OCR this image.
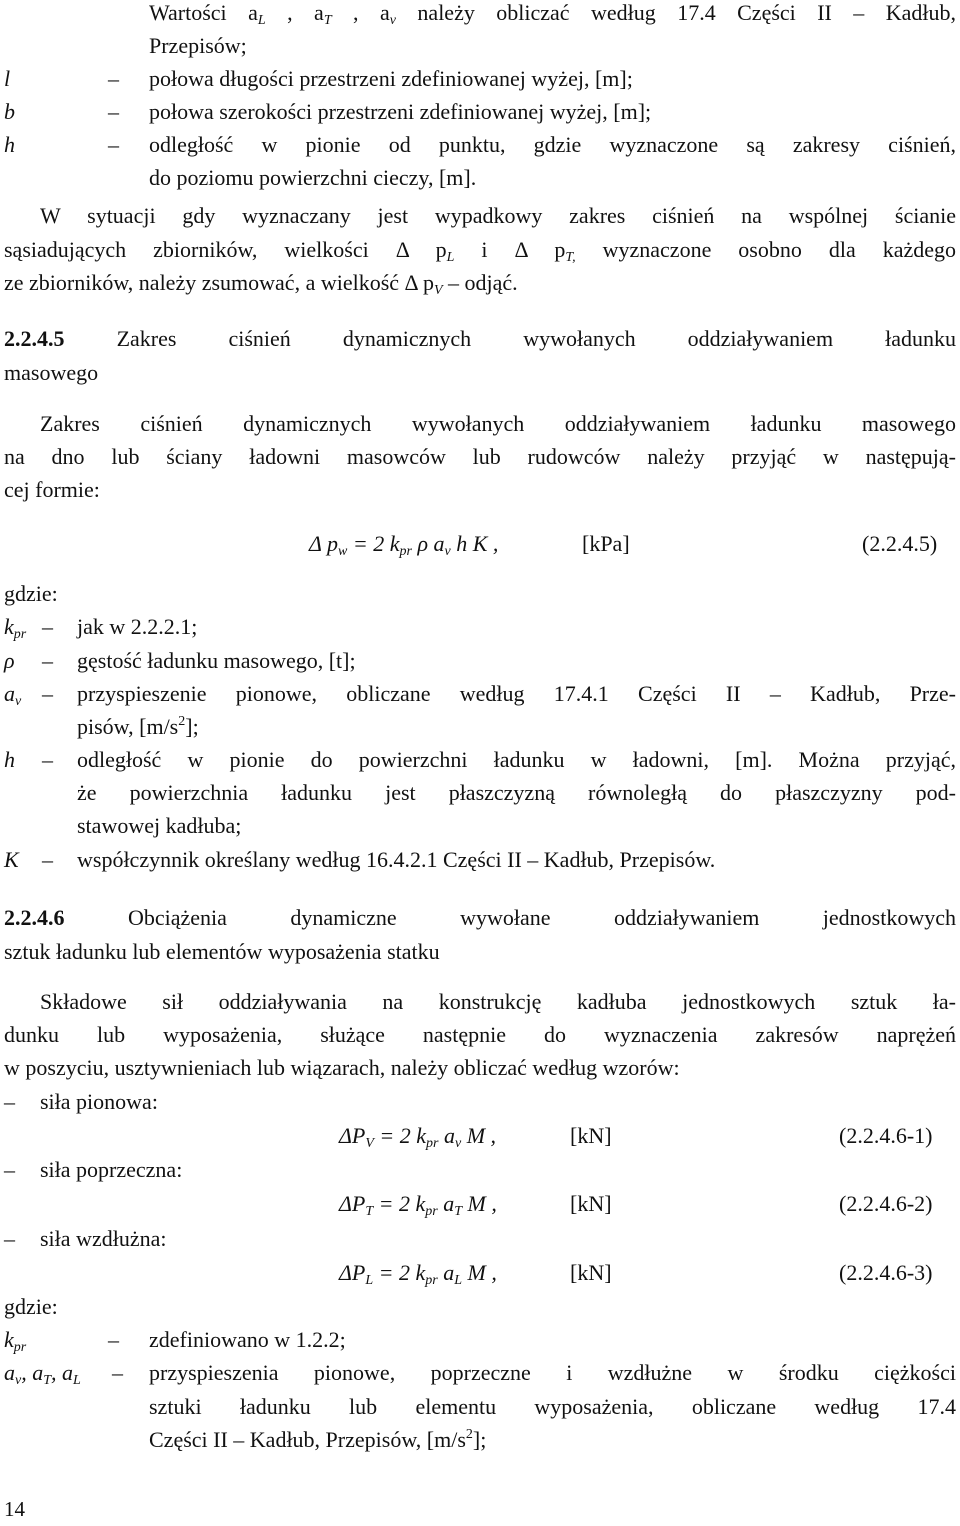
Wartości $a_L$ , $a_T$ , $a_v$ należy obliczać według 17.4 Części II – Kadłub,
Przepisów;
l	– połowa długości przestrzeni zdefiniowanej wyżej, [m];
b	– połowa szerokości przestrzeni zdefiniowanej wyżej, [m];
h	– odległość w pionie od punktu, gdzie wyznaczone są zakresy ciśnień,
do poziomu powierzchni cieczy, [m].
W sytuacji gdy wyznaczany jest wypadkowy zakres ciśnień na wspólnej ścianie
sąsiadujących zbiorników, wielkości Δ $p_L$ i Δ $p_{T,}$ wyznaczone osobno dla każdego
ze zbiorników, należy zsumować, a wielkość Δ $p_V$ – odjąć.
2.2.4.5 Zakres ciśnień dynamicznych wywołanych oddziaływaniem ładunku
masowego
Zakres ciśnień dynamicznych wywołanych oddziaływaniem ładunku masowego
na dno lub ściany ładowni masowców lub rudowców należy przyjąć w następują-
cej formie:
Δ $p_w = 2$ $k_{pr}$ ρ $a_v$ h K ,	[kPa]	(2.2.4.5)
gdzie:
$k_{pr}$ – jak w 2.2.2.1;
ρ – gęstość ładunku masowego, [t];
$a_v$ – przyspieszenie pionowe, obliczane według 17.4.1 Części II – Kadłub, Prze-
pisów, $[m/s^2]$;
h – odległość w pionie do powierzchni ładunku w ładowni, [m]. Można przyjąć,
że powierzchnia ładunku jest płaszczyzną równoległą do płaszczyzny pod-
stawowej kadłuba;
K – współczynnik określany według 16.4.2.1 Części II – Kadłub, Przepisów.
2.2.4.6	Obciążenia dynamiczne wywołane oddziaływaniem jednostkowych
sztuk ładunku lub elementów wyposażenia statku
Składowe sił oddziaływania na konstrukcję kadłuba jednostkowych sztuk ła-
dunku lub wyposażenia, służące następnie do wyznaczenia zakresów naprężeń
w poszyciu, usztywnieniach lub wiązarach, należy obliczać według wzorów:
– siła pionowa:
$\Delta P_V = 2$ $k_{pr}$ $a_v$ M ,	[kN]	(2.2.4.6-1)
– siła poprzeczna:
$\Delta P_T = 2$ $k_{pr}$ $a_T$ M ,	[kN]	(2.2.4.6-2)
– siła wzdłużna:
$\Delta P_L = 2$ $k_{pr}$ $a_L$ M ,	[kN]	(2.2.4.6-3)
gdzie:
$k_{pr}$	– zdefiniowano w 1.2.2;
$a_v$, $a_T$, $a_L$ – przyspieszenia pionowe, poprzeczne i wzdłużne w środku ciężkości
sztuki ładunku lub elementu wyposażenia, obliczane według 17.4
Części II – Kadłub, Przepisów, $[m/s^2]$;
14
